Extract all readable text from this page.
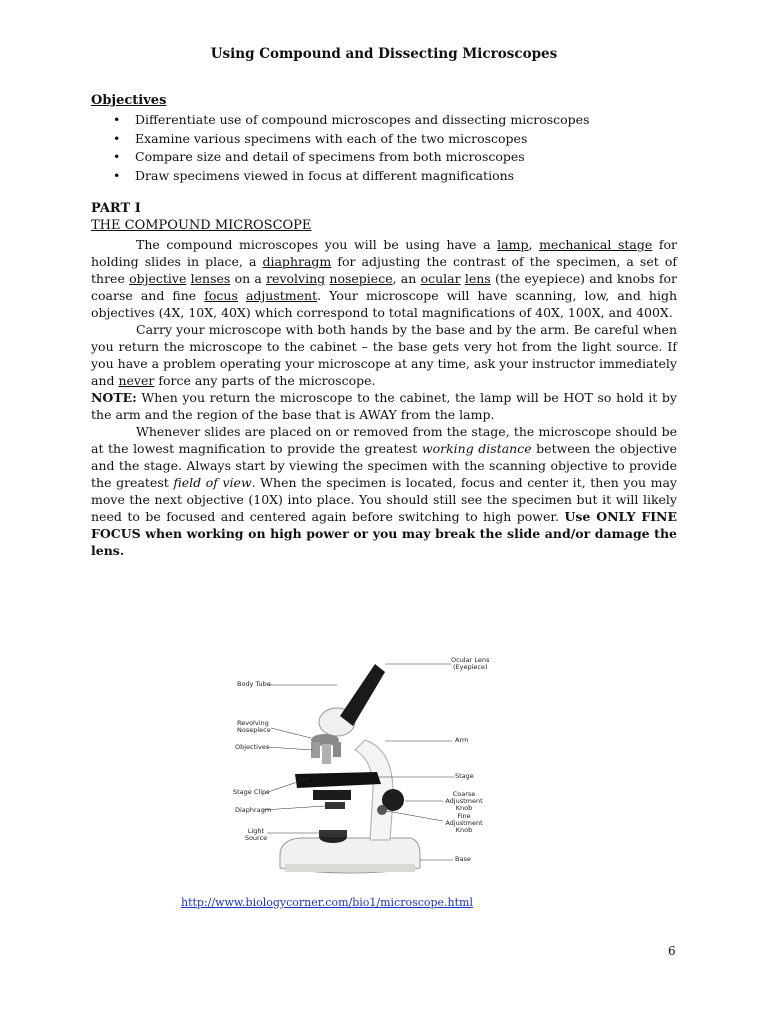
Using Compound and Dissecting Microscopes
Objectives
• Differentiate use of compound microscopes and dissecting microscopes
• Examine various specimens with each of the two microscopes
• Compare size and detail of specimens from both microscopes
• Draw specimens viewed in focus at different magnifications
PART I
THE COMPOUND MICROSCOPE

The compound microscopes you will be using have a lamp, mechanical stage for holding slides in place, a diaphragm for adjusting the contrast of the specimen, a set of three objective lenses on a revolving nosepiece, an ocular lens (the eyepiece) and knobs for coarse and fine focus adjustment. Your microscope will have scanning, low, and high objectives (4X, 10X, 40X) which correspond to total magnifications of 40X, 100X, and 400X.

Carry your microscope with both hands by the base and by the arm. Be careful when you return the microscope to the cabinet – the base gets very hot from the light source. If you have a problem operating your microscope at any time, ask your instructor immediately and never force any parts of the microscope.

NOTE: When you return the microscope to the cabinet, the lamp will be HOT so hold it by the arm and the region of the base that is AWAY from the lamp.

Whenever slides are placed on or removed from the stage, the microscope should be at the lowest magnification to provide the greatest working distance between the objective and the stage. Always start by viewing the specimen with the scanning objective to provide the greatest field of view. When the specimen is located, focus and center it, then you may move the next objective (10X) into place. You should still see the specimen but it will likely need to be focused and centered again before switching to high power. Use ONLY FINE FOCUS when working on high power or you may break the slide and/or damage the lens.

Body Tube
Revolving Nosepiece
Objectives
Stage Clips
Diaphragm
Light Source
Ocular Lens
(Eyepiece)
Arm
Stage
Coarse Adjustment Knob
Fine Adjustment Knob
Base
http://www.biologycorner.com/bio1/microscope.html
6
